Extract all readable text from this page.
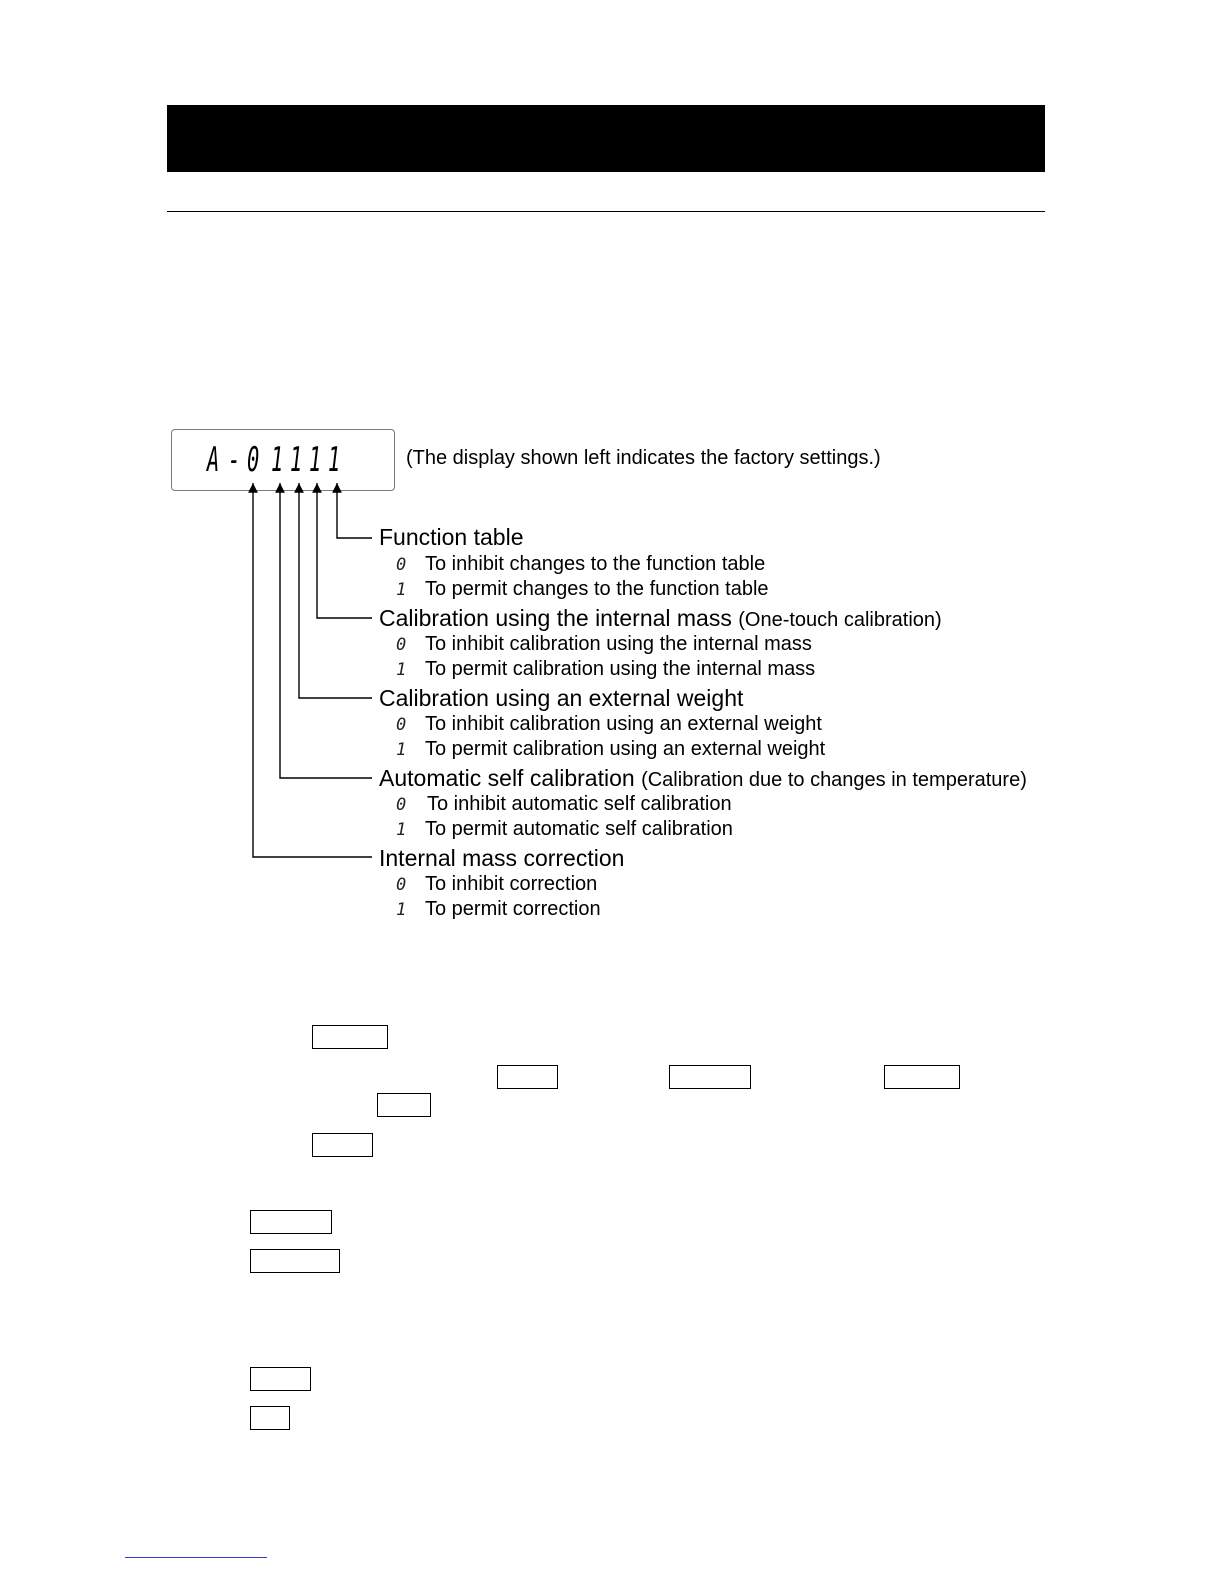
A - 0 1 1 1 1	(The display shown left indicates the factory settings.)
Function table
0 To inhibit changes to the function table
1 To permit changes to the function table
Calibration using the internal mass (One-touch calibration)
0 To inhibit calibration using the internal mass
1 To permit calibration using the internal mass
Calibration using an external weight
0 To inhibit calibration using an external weight
1 To permit calibration using an external weight
Automatic self calibration (Calibration due to changes in temperature)
0 To inhibit automatic self calibration
1 To permit automatic self calibration
Internal mass correction
0 To inhibit correction
1 To permit correction
